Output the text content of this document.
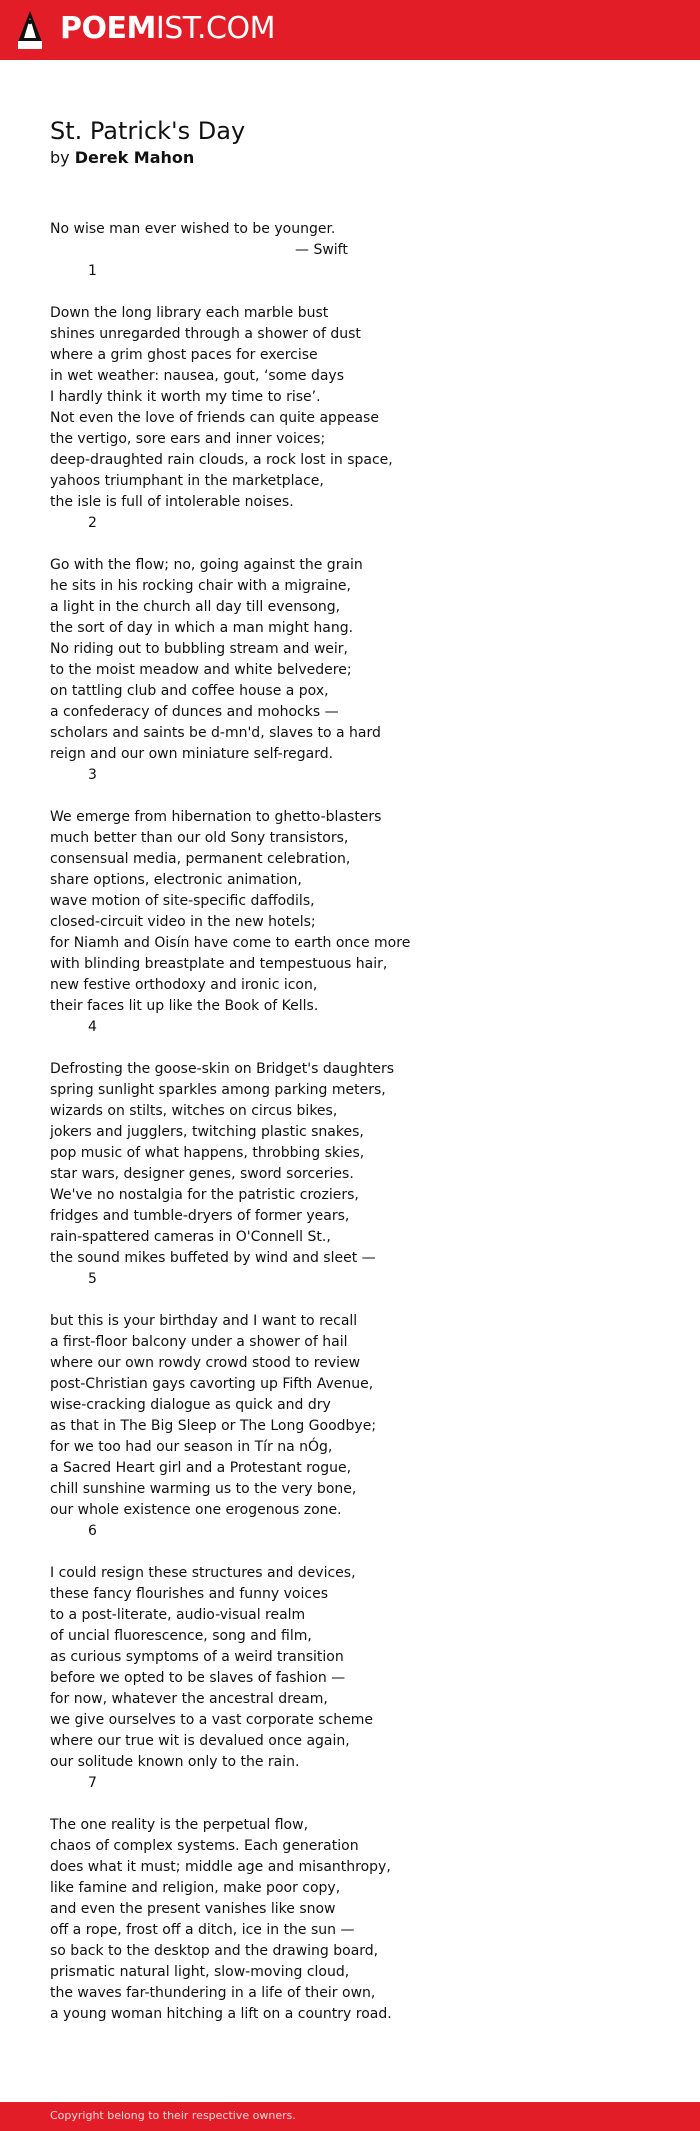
POEMIST.COM
St. Patrick's Day
by Derek Mahon
No wise man ever wished to be younger.
— Swift
1
Down the long library each marble bust
shines unregarded through a shower of dust
where a grim ghost paces for exercise
in wet weather: nausea, gout, ‘some days
I hardly think it worth my time to rise’.
Not even the love of friends can quite appease
the vertigo, sore ears and inner voices;
deep-draughted rain clouds, a rock lost in space,
yahoos triumphant in the marketplace,
the isle is full of intolerable noises.
2
Go with the flow; no, going against the grain
he sits in his rocking chair with a migraine,
a light in the church all day till evensong,
the sort of day in which a man might hang.
No riding out to bubbling stream and weir,
to the moist meadow and white belvedere;
on tattling club and coffee house a pox,
a confederacy of dunces and mohocks —
scholars and saints be d-mn'd, slaves to a hard
reign and our own miniature self-regard.
3
We emerge from hibernation to ghetto-blasters
much better than our old Sony transistors,
consensual media, permanent celebration,
share options, electronic animation,
wave motion of site-specific daffodils,
closed-circuit video in the new hotels;
for Niamh and Oisín have come to earth once more
with blinding breastplate and tempestuous hair,
new festive orthodoxy and ironic icon,
their faces lit up like the Book of Kells.
4
Defrosting the goose-skin on Bridget's daughters
spring sunlight sparkles among parking meters,
wizards on stilts, witches on circus bikes,
jokers and jugglers, twitching plastic snakes,
pop music of what happens, throbbing skies,
star wars, designer genes, sword sorceries.
We've no nostalgia for the patristic croziers,
fridges and tumble-dryers of former years,
rain-spattered cameras in O'Connell St.,
the sound mikes buffeted by wind and sleet —
5
but this is your birthday and I want to recall
a first-floor balcony under a shower of hail
where our own rowdy crowd stood to review
post-Christian gays cavorting up Fifth Avenue,
wise-cracking dialogue as quick and dry
as that in The Big Sleep or The Long Goodbye;
for we too had our season in Tír na nÓg,
a Sacred Heart girl and a Protestant rogue,
chill sunshine warming us to the very bone,
our whole existence one erogenous zone.
6
I could resign these structures and devices,
these fancy flourishes and funny voices
to a post-literate, audio-visual realm
of uncial fluorescence, song and film,
as curious symptoms of a weird transition
before we opted to be slaves of fashion —
for now, whatever the ancestral dream,
we give ourselves to a vast corporate scheme
where our true wit is devalued once again,
our solitude known only to the rain.
7
The one reality is the perpetual flow,
chaos of complex systems. Each generation
does what it must; middle age and misanthropy,
like famine and religion, make poor copy,
and even the present vanishes like snow
off a rope, frost off a ditch, ice in the sun —
so back to the desktop and the drawing board,
prismatic natural light, slow-moving cloud,
the waves far-thundering in a life of their own,
a young woman hitching a lift on a country road.
Copyright belong to their respective owners.
